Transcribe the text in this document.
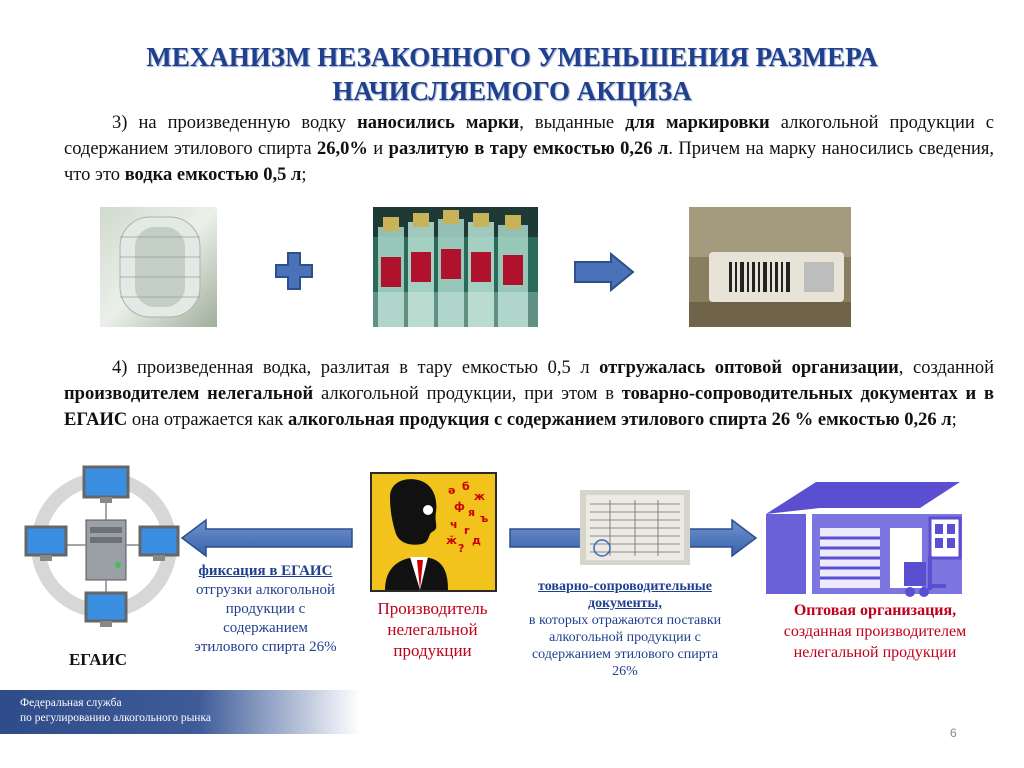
МЕХАНИЗМ НЕЗАКОННОГО УМЕНЬШЕНИЯ РАЗМЕРА
НАЧИСЛЯЕМОГО АКЦИЗА

3) на произведенную водку наносились марки, выданные для маркировки алкогольной продукции с содержанием этилового спирта 26,0% и разлитую в тару емкостью 0,26 л. Причем на марку наносились сведения, что это водка емкостью 0,5 л;

4) произведенная водка, разлитая в тару емкостью 0,5 л отгружалась оптовой организации, созданной производителем нелегальной алкогольной продукции, при этом в товарно-сопроводительных документах и в ЕГАИС она отражается как алкогольная продукция с содержанием этилового спирта 26 % емкостью 0,26 л;

ЕГАИС
фиксация в ЕГАИС
отгрузки алкогольной
продукции с
содержанием
этилового спирта 26%
ə б
ж
ф я ъ
ч r
ӂ
?
д
Производитель
нелегальной
продукции
товарно-сопроводительные
документы,
в которых отражаются поставки
алкогольной продукции с
содержанием этилового спирта
26%
Оптовая организация,
созданная производителем
нелегальной продукции
Федеральная служба
по регулированию алкогольного рынка
6
